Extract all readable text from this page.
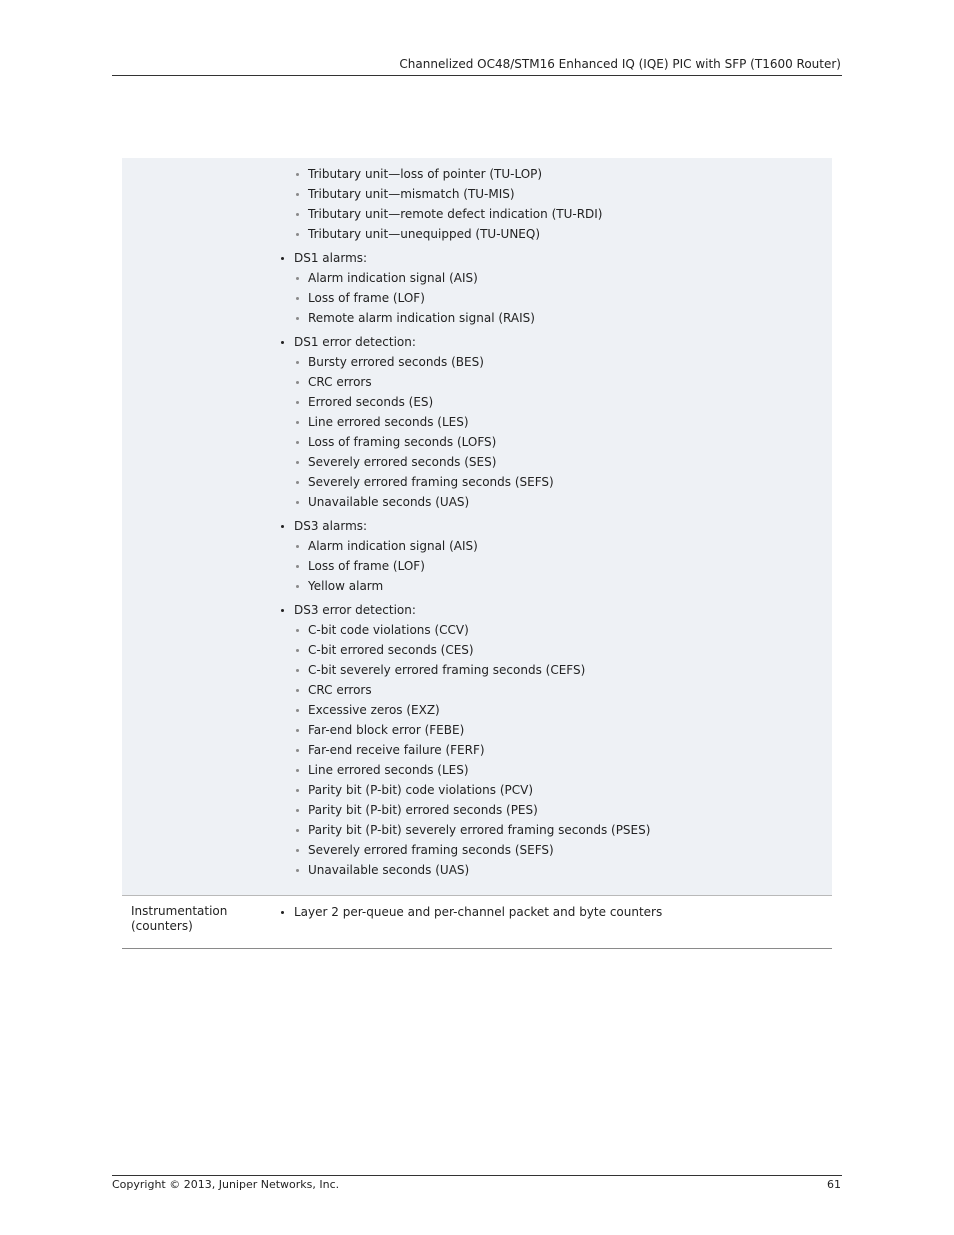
Channelized OC48/STM16 Enhanced IQ (IQE) PIC with SFP (T1600 Router)
Tributary unit—loss of pointer (TU-LOP)
Tributary unit—mismatch (TU-MIS)
Tributary unit—remote defect indication (TU-RDI)
Tributary unit—unequipped (TU-UNEQ)
DS1 alarms:
Alarm indication signal (AIS)
Loss of frame (LOF)
Remote alarm indication signal (RAIS)
DS1 error detection:
Bursty errored seconds (BES)
CRC errors
Errored seconds (ES)
Line errored seconds (LES)
Loss of framing seconds (LOFS)
Severely errored seconds (SES)
Severely errored framing seconds (SEFS)
Unavailable seconds (UAS)
DS3 alarms:
Alarm indication signal (AIS)
Loss of frame (LOF)
Yellow alarm
DS3 error detection:
C-bit code violations (CCV)
C-bit errored seconds (CES)
C-bit severely errored framing seconds (CEFS)
CRC errors
Excessive zeros (EXZ)
Far-end block error (FEBE)
Far-end receive failure (FERF)
Line errored seconds (LES)
Parity bit (P-bit) code violations (PCV)
Parity bit (P-bit) errored seconds (PES)
Parity bit (P-bit) severely errored framing seconds (PSES)
Severely errored framing seconds (SEFS)
Unavailable seconds (UAS)
Instrumentation (counters)
Layer 2 per-queue and per-channel packet and byte counters
Copyright © 2013, Juniper Networks, Inc.	61
